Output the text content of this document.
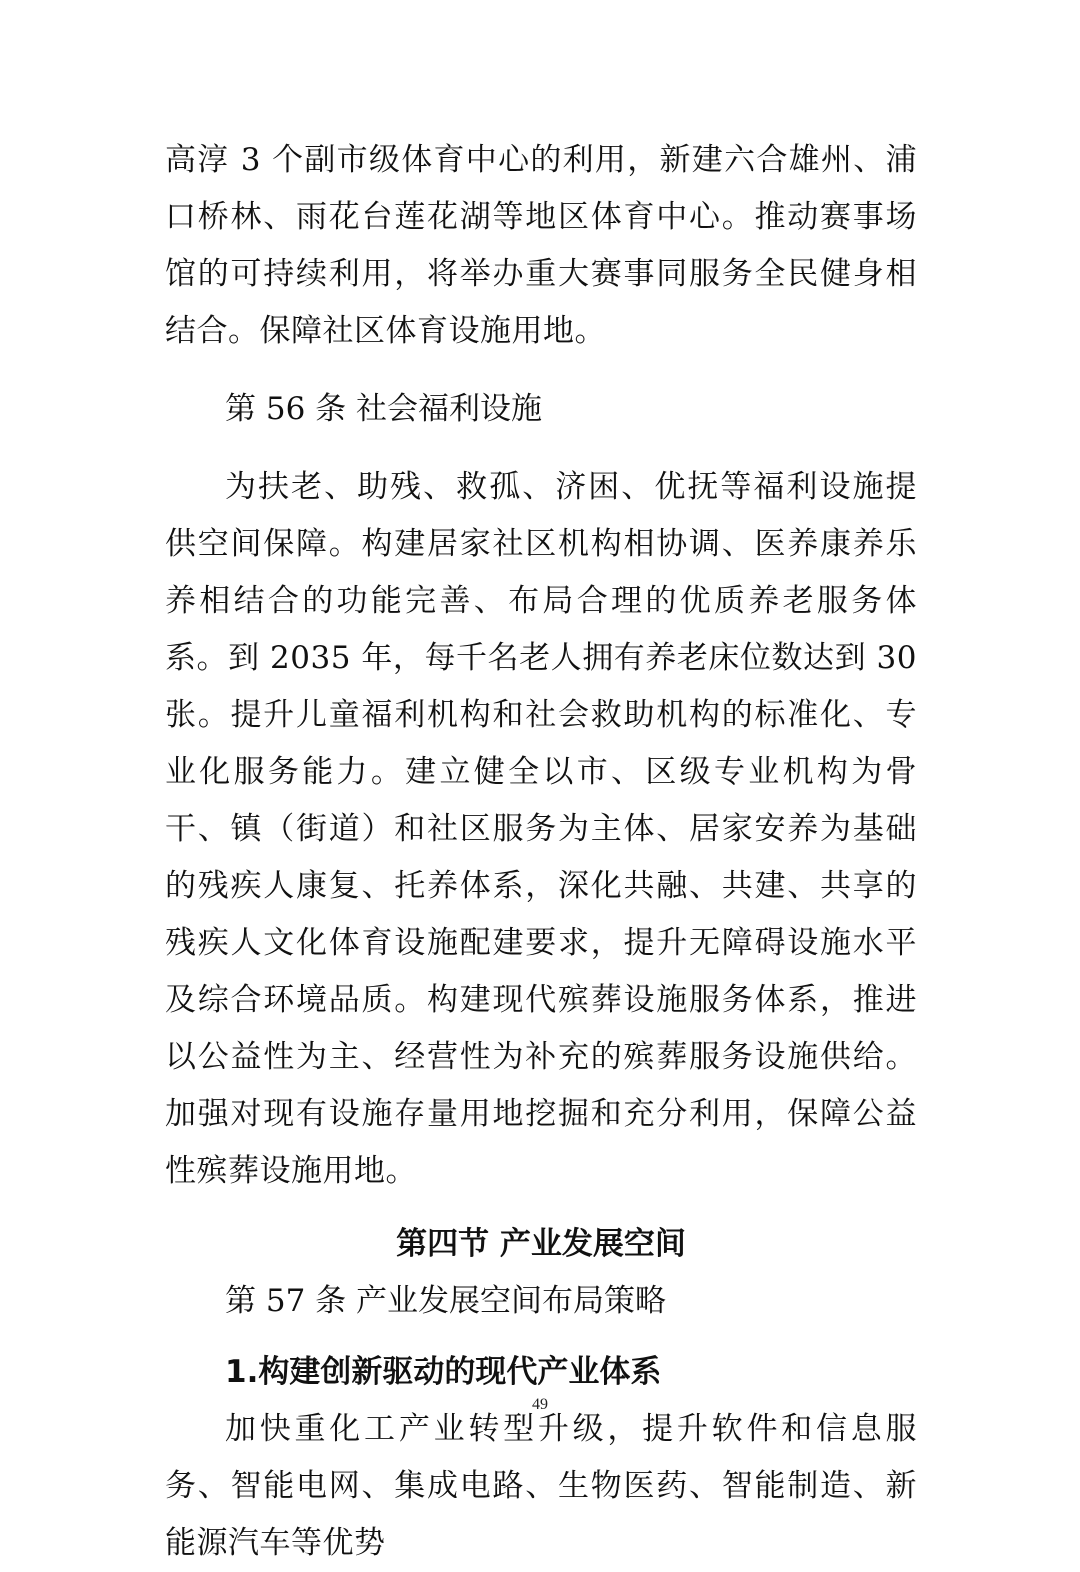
高淳 3 个副市级体育中心的利用，新建六合雄州、浦口桥林、雨花台莲花湖等地区体育中心。推动赛事场馆的可持续利用，将举办重大赛事同服务全民健身相结合。保障社区体育设施用地。

第 56 条 社会福利设施

为扶老、助残、救孤、济困、优抚等福利设施提供空间保障。构建居家社区机构相协调、医养康养乐养相结合的功能完善、布局合理的优质养老服务体系。到 2035 年，每千名老人拥有养老床位数达到 30 张。提升儿童福利机构和社会救助机构的标准化、专业化服务能力。建立健全以市、区级专业机构为骨干、镇（街道）和社区服务为主体、居家安养为基础的残疾人康复、托养体系，深化共融、共建、共享的残疾人文化体育设施配建要求，提升无障碍设施水平及综合环境品质。构建现代殡葬设施服务体系，推进以公益性为主、经营性为补充的殡葬服务设施供给。加强对现有设施存量用地挖掘和充分利用，保障公益性殡葬设施用地。

第四节 产业发展空间

第 57 条 产业发展空间布局策略

1.构建创新驱动的现代产业体系

加快重化工产业转型升级，提升软件和信息服务、智能电网、集成电路、生物医药、智能制造、新能源汽车等优势

49
